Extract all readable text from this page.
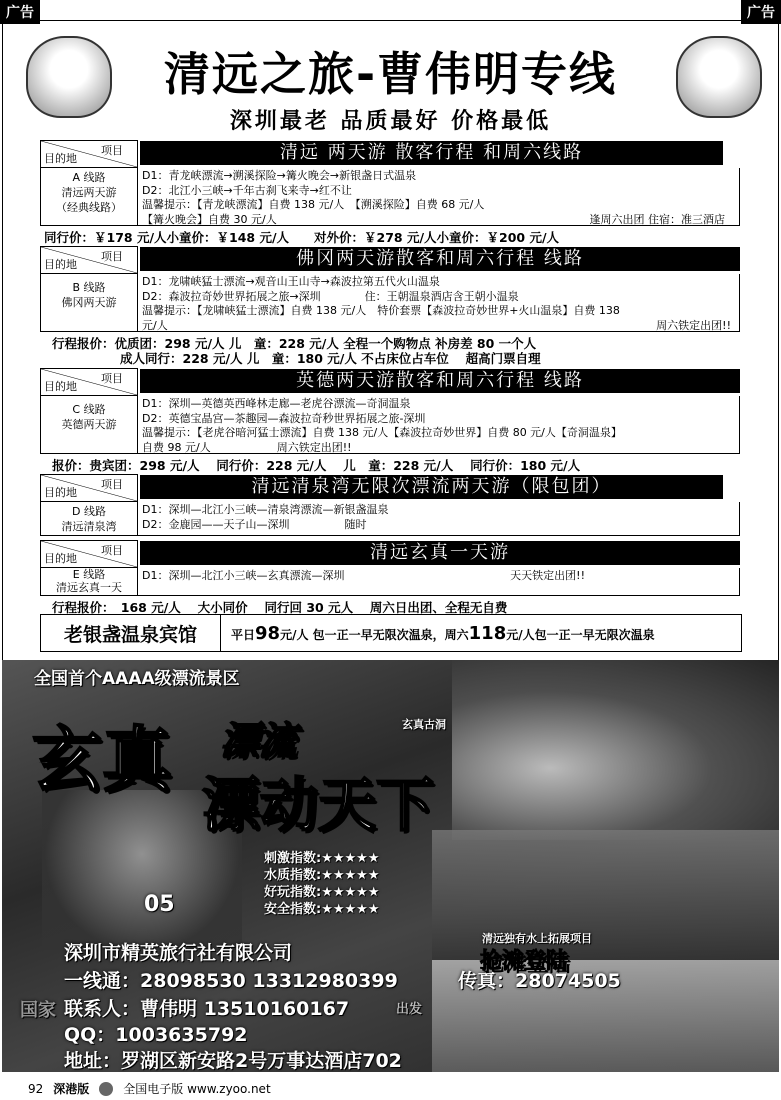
广告	广告
清远之旅-曹伟明专线
深圳最老 品质最好 价格最低
项目
目的地	清远 两天游 散客行程 和周六线路
A 线路
清远两天游
（经典线路）
D1：青龙峡漂流→溯溪探险→篝火晚会→新银盏日式温泉
D2：北江小三峡→千年古刹飞来寺→红不让
温馨提示：【青龙峡漂流】自费 138 元/人　【溯溪探险】自费 68 元/人
【篝火晚会】自费 30 元/人	逢周六出团 住宿：准三酒店
同行价：￥178 元/人小童价：￥148 元/人　　对外价：￥278 元/人小童价：￥200 元/人
项目
目的地	佛冈两天游散客和周六行程 线路
B 线路
佛冈两天游
D1：龙啸峡猛士漂流→观音山王山寺→森波拉第五代火山温泉
D2：森波拉奇妙世界拓展之旅→深圳　　　　住：王朝温泉酒店含王朝小温泉
温馨提示：【龙啸峡猛士漂流】自费 138 元/人　特价套票【森波拉奇妙世界+火山温泉】自费 138
元/人	周六铁定出团!!
行程报价：优质团：298 元/人 儿　童：228 元/人 全程一个购物点 补房差 80 一个人
成人同行：228 元/人 儿　童：180 元/人 不占床位占车位　 超高门票自理
项目
目的地	英德两天游散客和周六行程 线路
C 线路
英德两天游
D1：深圳—英德英西峰林走廊—老虎谷漂流—奇洞温泉
D2：英德宝晶宫—茶趣园—森波拉奇秒世界拓展之旅-深圳
温馨提示：【老虎谷暗河猛士漂流】自费 138 元/人【森波拉奇妙世界】自费 80 元/人【奇洞温泉】
自费 98 元/人　　　　　　周六铁定出团!!
报价：贵宾团：298 元/人　 同行价：228 元/人　 儿　童：228 元/人　 同行价：180 元/人
项目
目的地	清远清泉湾无限次漂流两天游（限包团）
D 线路
清远清泉湾
D1：深圳—北江小三峡—清泉湾漂流—新银盏温泉
D2：金鹿园——天子山—深圳　　　　　随时
项目
目的地	清远玄真一天游
E 线路
清远玄真一天
D1：深圳—北江小三峡—玄真漂流—深圳	天天铁定出团!!
行程报价：　168 元/人　 大小同价　 同行回 30 元人　 周六日出团、全程无自费
老银盏温泉宾馆	平日98元/人 包一正一早无限次温泉，周六118元/人包一正一早无限次温泉
全国首个AAAA级漂流景区
玄真 漂流
漂动天下
玄真古洞
刺激指数:★★★★★
水质指数:★★★★★
好玩指数:★★★★★
安全指数:★★★★★
05
深圳市精英旅行社有限公司
一线通：28098530 13312980399	传真：28074505
国家 联系人：曹伟明 13510160167	出发
QQ：1003635792
地址：罗湖区新安路2号万事达酒店702
清远独有水上拓展项目
抢滩登陆
92 深港版	全国电子版 www.zyoo.net
